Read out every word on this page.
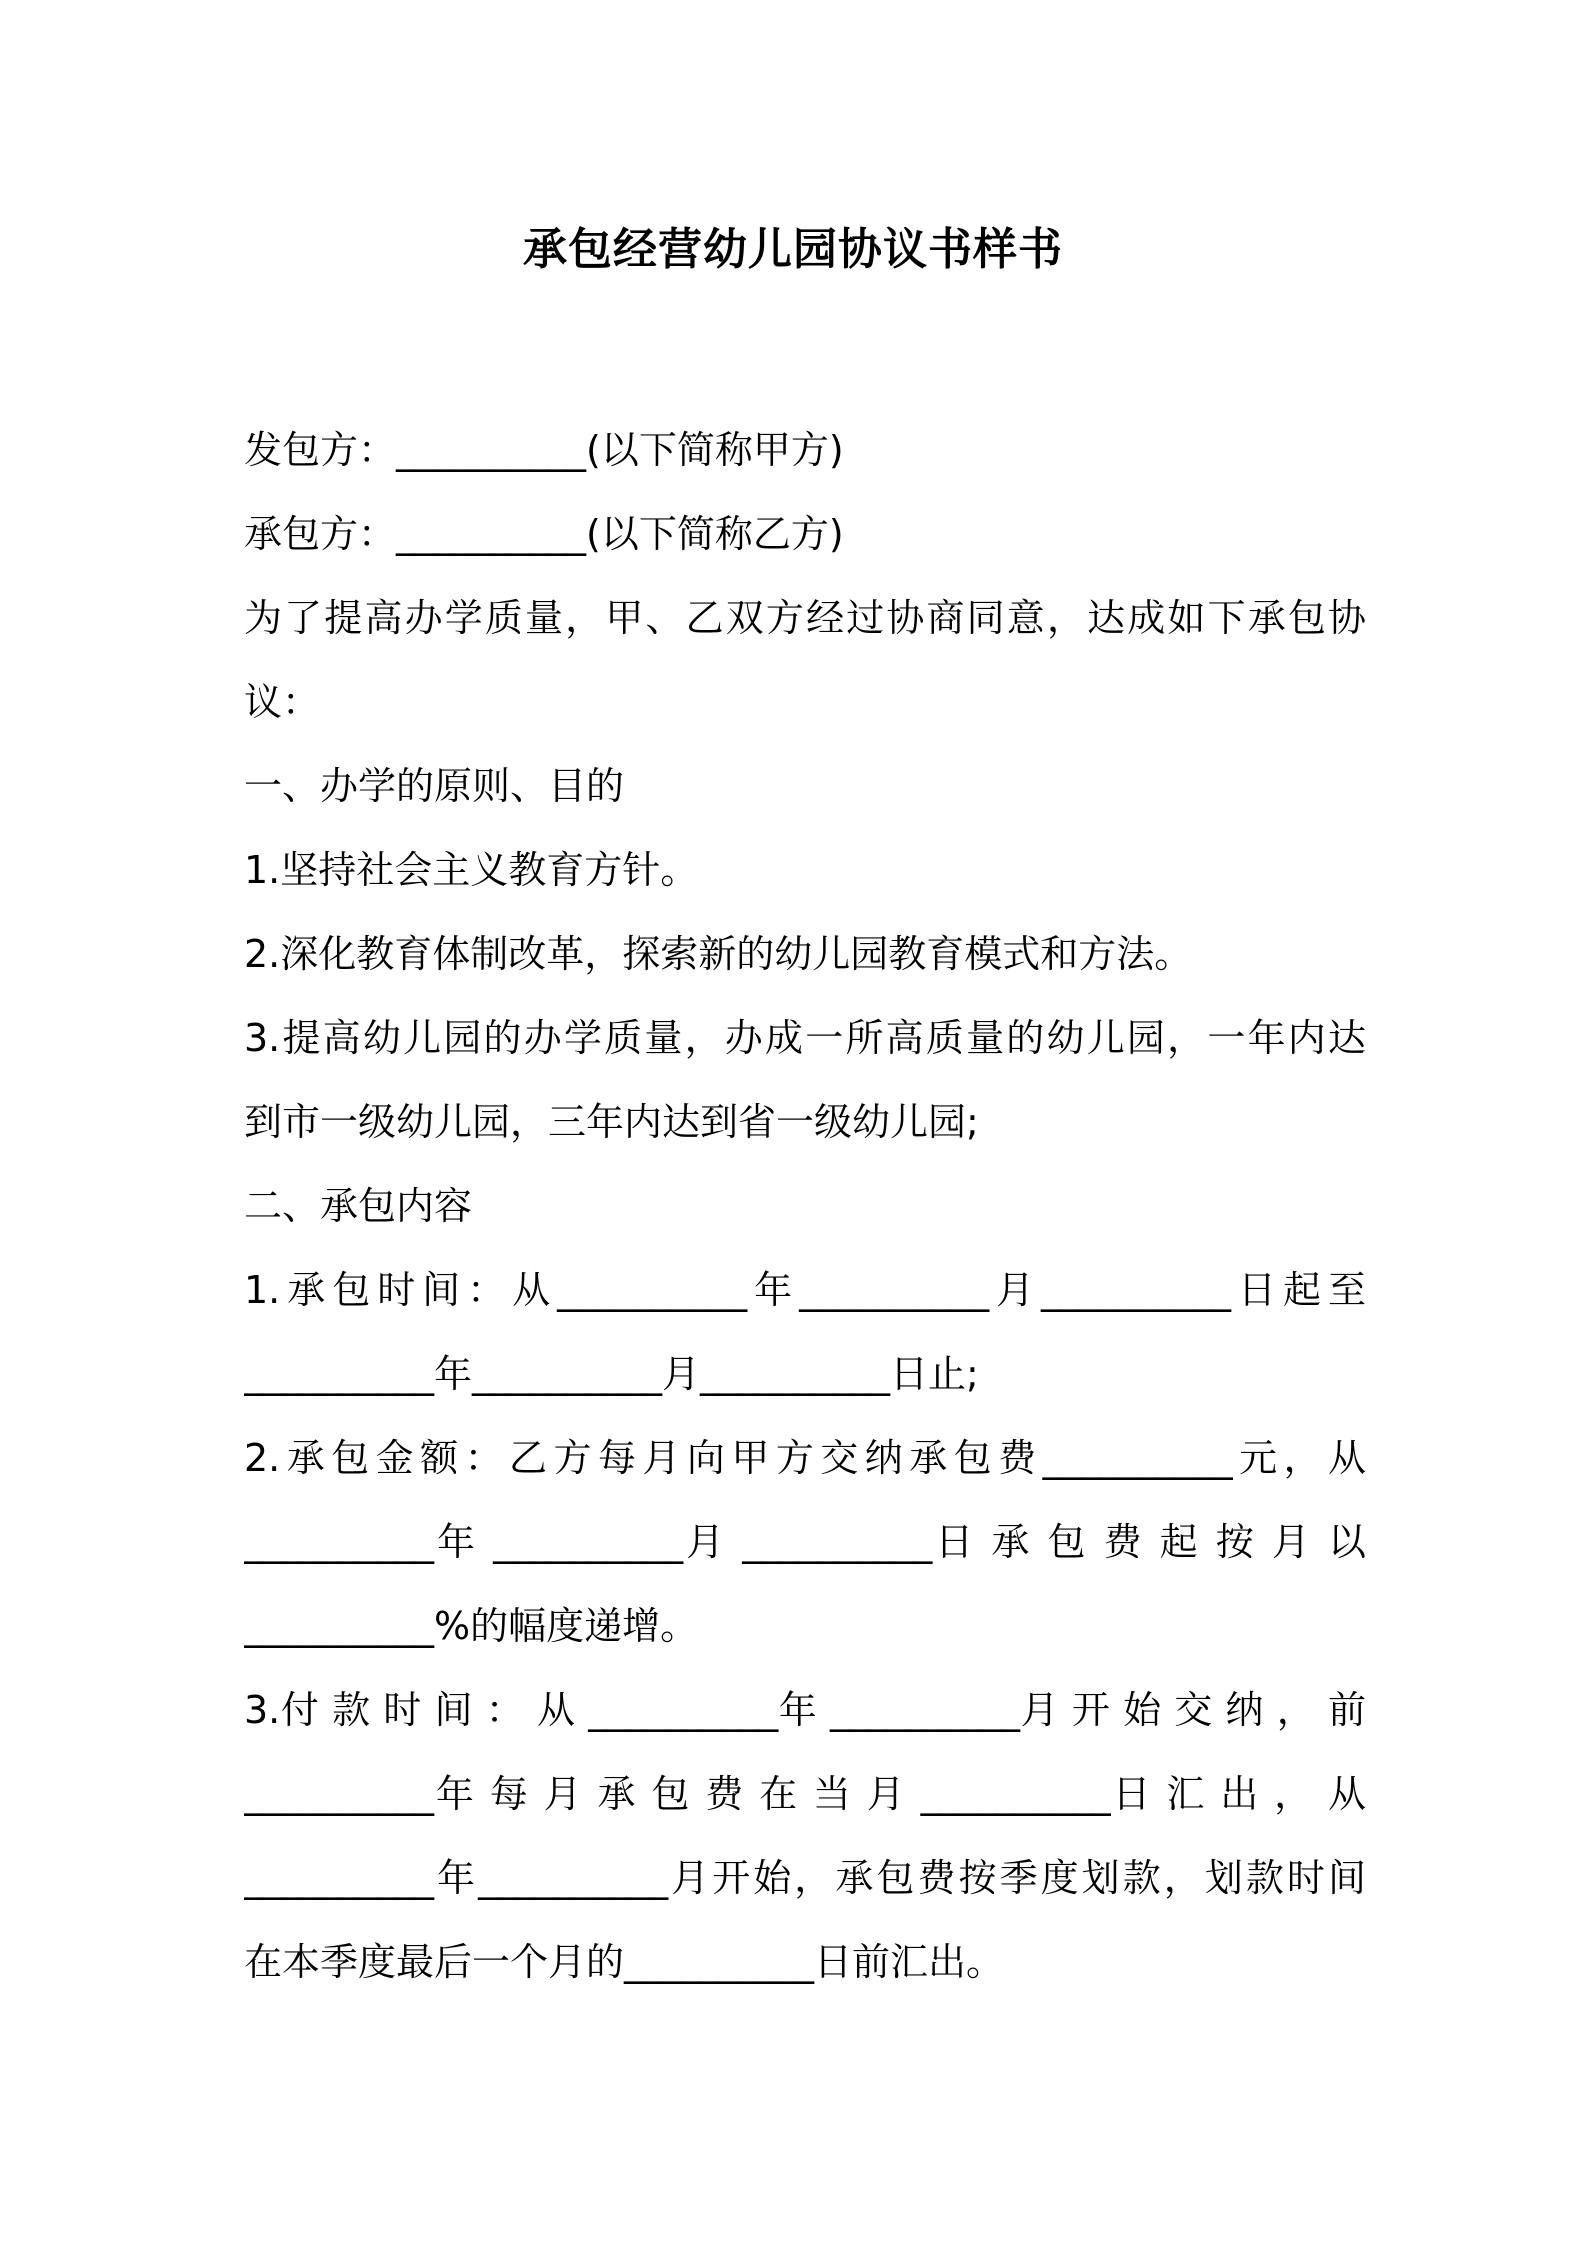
承包经营幼儿园协议书样书
发包方：__________(以下简称甲方)
承包方：__________(以下简称乙方)
为了提高办学质量，甲、乙双方经过协商同意，达成如下承包协
议：
一、办学的原则、目的
1.坚持社会主义教育方针。
2.深化教育体制改革，探索新的幼儿园教育模式和方法。
3.提高幼儿园的办学质量，办成一所高质量的幼儿园，一年内达
到市一级幼儿园，三年内达到省一级幼儿园;
二、承包内容
1.承包时间：从__________年__________月__________日起至
__________年__________月__________日止;
2.承包金额：乙方每月向甲方交纳承包费__________元，从
__________年 __________月 __________日 承 包 费 起 按 月 以
__________%的幅度递增。
3.付 款 时 间 ： 从 __________年 __________月 开 始 交 纳 ， 前
__________年 每 月 承 包 费 在 当 月 __________日 汇 出 ， 从
__________年__________月开始，承包费按季度划款，划款时间
在本季度最后一个月的__________日前汇出。
